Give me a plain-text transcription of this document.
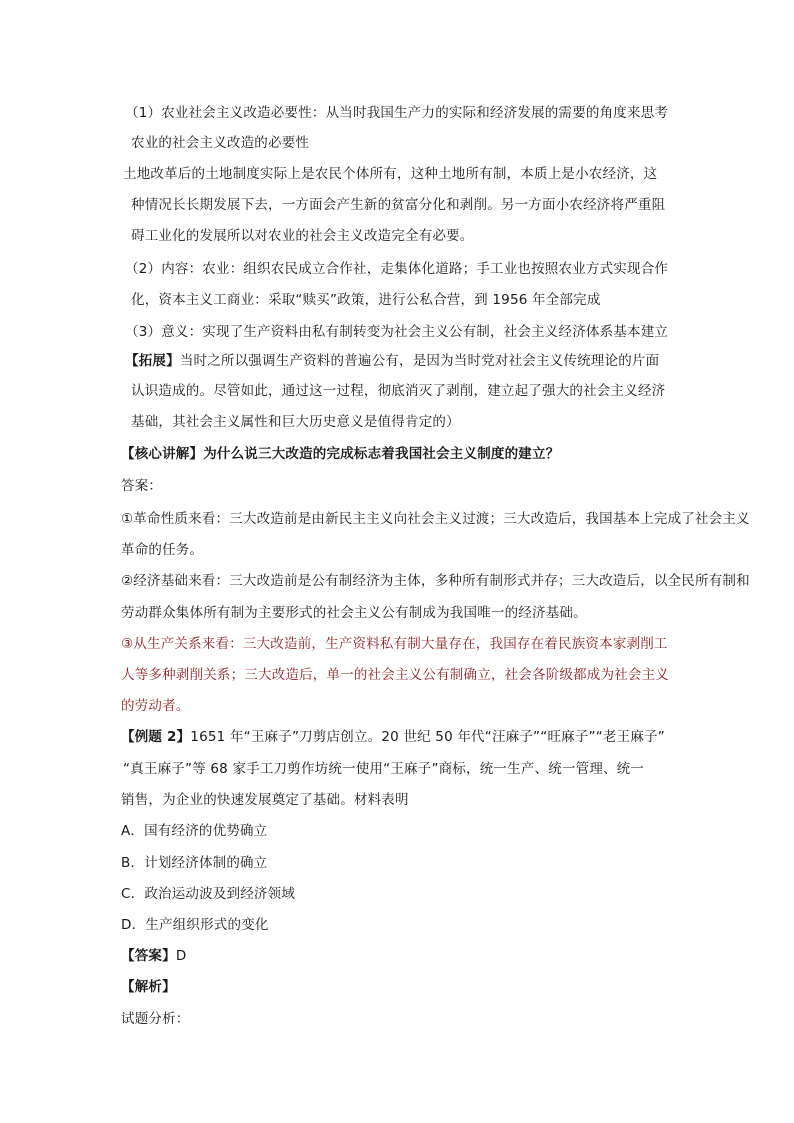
（1）农业社会主义改造必要性：从当时我国生产力的实际和经济发展的需要的角度来思考
农业的社会主义改造的必要性
土地改革后的土地制度实际上是农民个体所有，这种土地所有制，本质上是小农经济，这
种情况长长期发展下去，一方面会产生新的贫富分化和剥削。另一方面小农经济将严重阻
碍工业化的发展所以对农业的社会主义改造完全有必要。
（2）内容：农业：组织农民成立合作社，走集体化道路；手工业也按照农业方式实现合作
化，资本主义工商业：采取“赎买”政策，进行公私合营，到 1956 年全部完成
（3）意义：实现了生产资料由私有制转变为社会主义公有制，社会主义经济体系基本建立
【拓展】当时之所以强调生产资料的普遍公有，是因为当时党对社会主义传统理论的片面
认识造成的。尽管如此，通过这一过程，彻底消灭了剥削，建立起了强大的社会主义经济
基础，其社会主义属性和巨大历史意义是值得肯定的）
【核心讲解】为什么说三大改造的完成标志着我国社会主义制度的建立？
答案：
①革命性质来看：三大改造前是由新民主主义向社会主义过渡；三大改造后，我国基本上完成了社会主义
革命的任务。
②经济基础来看：三大改造前是公有制经济为主体，多种所有制形式并存；三大改造后，以全民所有制和
劳动群众集体所有制为主要形式的社会主义公有制成为我国唯一的经济基础。
③从生产关系来看：三大改造前，生产资料私有制大量存在，我国存在着民族资本家剥削工
人等多种剥削关系；三大改造后，单一的社会主义公有制确立，社会各阶级都成为社会主义
的劳动者。
【例题 2】1651 年“王麻子”刀剪店创立。20 世纪 50 年代“汪麻子”“旺麻子”“老王麻子”
“真王麻子”等 68 家手工刀剪作坊统一使用“王麻子”商标，统一生产、统一管理、统一
销售，为企业的快速发展奠定了基础。材料表明
A．国有经济的优势确立
B．计划经济体制的确立
C．政治运动波及到经济领域
D．生产组织形式的变化
【答案】D
【解析】
试题分析：
